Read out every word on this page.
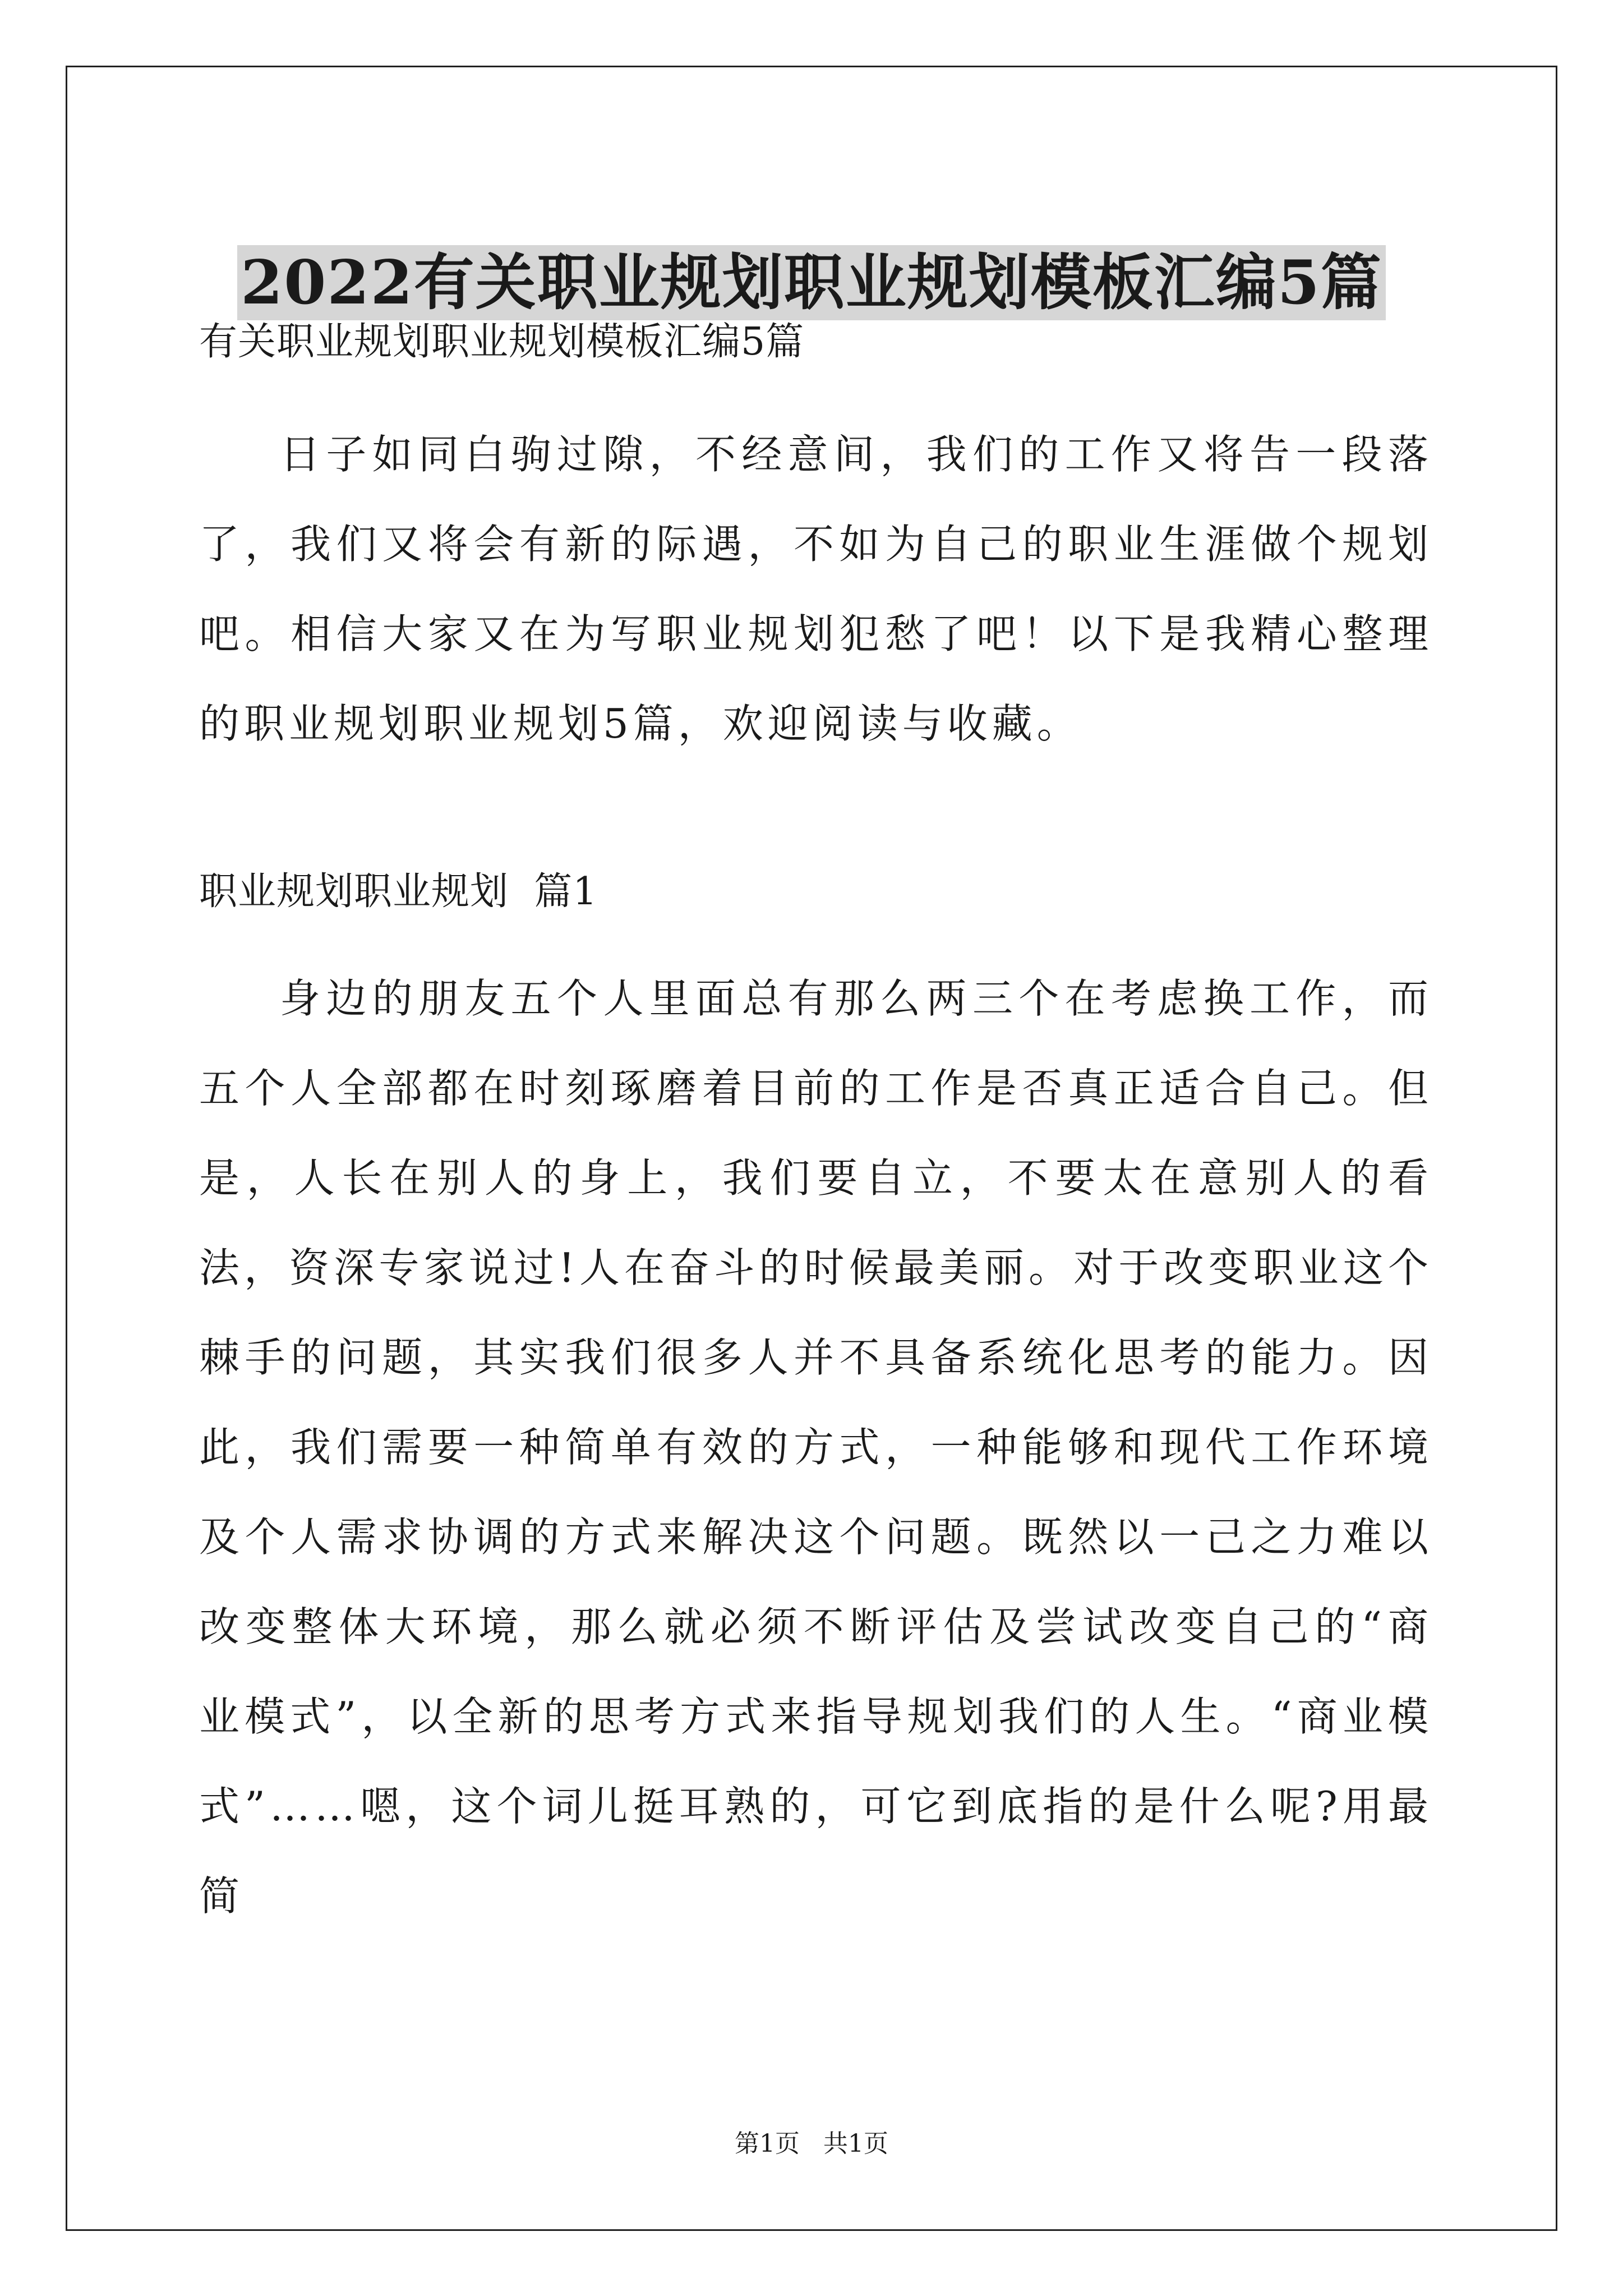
2022有关职业规划职业规划模板汇编5篇

有关职业规划职业规划模板汇编5篇

日子如同白驹过隙，不经意间，我们的工作又将告一段落了，我们又将会有新的际遇，不如为自己的职业生涯做个规划吧。相信大家又在为写职业规划犯愁了吧！以下是我精心整理的职业规划职业规划5篇，欢迎阅读与收藏。

职业规划职业规划  篇1

身边的朋友五个人里面总有那么两三个在考虑换工作，而五个人全部都在时刻琢磨着目前的工作是否真正适合自己。但是，人长在别人的身上，我们要自立，不要太在意别人的看法，资深专家说过!人在奋斗的时候最美丽。对于改变职业这个棘手的问题，其实我们很多人并不具备系统化思考的能力。因此，我们需要一种简单有效的方式，一种能够和现代工作环境及个人需求协调的方式来解决这个问题。既然以一己之力难以改变整体大环境，那么就必须不断评估及尝试改变自己的“商业模式”，以全新的思考方式来指导规划我们的人生。“商业模式”……嗯，这个词儿挺耳熟的，可它到底指的是什么呢?用最简

第1页   共1页
